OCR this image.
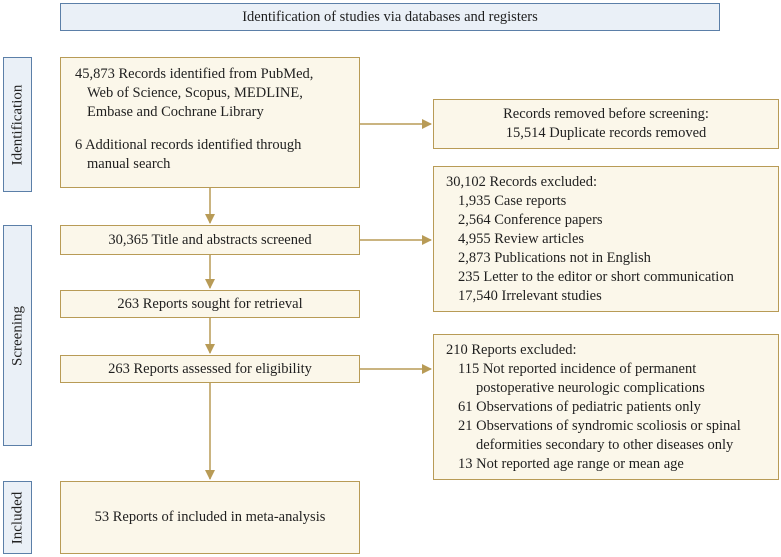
Identification of studies via databases and registers
Identification
Screening
Included
45,873 Records identified from PubMed,
Web of Science, Scopus, MEDLINE,
Embase and Cochrane Library
6 Additional records identified through
manual search
Records removed before screening:
15,514 Duplicate records removed
30,365 Title and abstracts screened
30,102 Records excluded:
1,935 Case reports
2,564 Conference papers
4,955 Review articles
2,873 Publications not in English
235 Letter to the editor or short communication
17,540 Irrelevant studies
263 Reports sought for retrieval
263 Reports assessed for eligibility
210 Reports excluded:
115 Not reported incidence of permanent
postoperative neurologic complications
61 Observations of pediatric patients only
21 Observations of syndromic scoliosis or spinal
deformities secondary to other diseases only
13 Not reported age range or mean age
53 Reports of included in meta-analysis
